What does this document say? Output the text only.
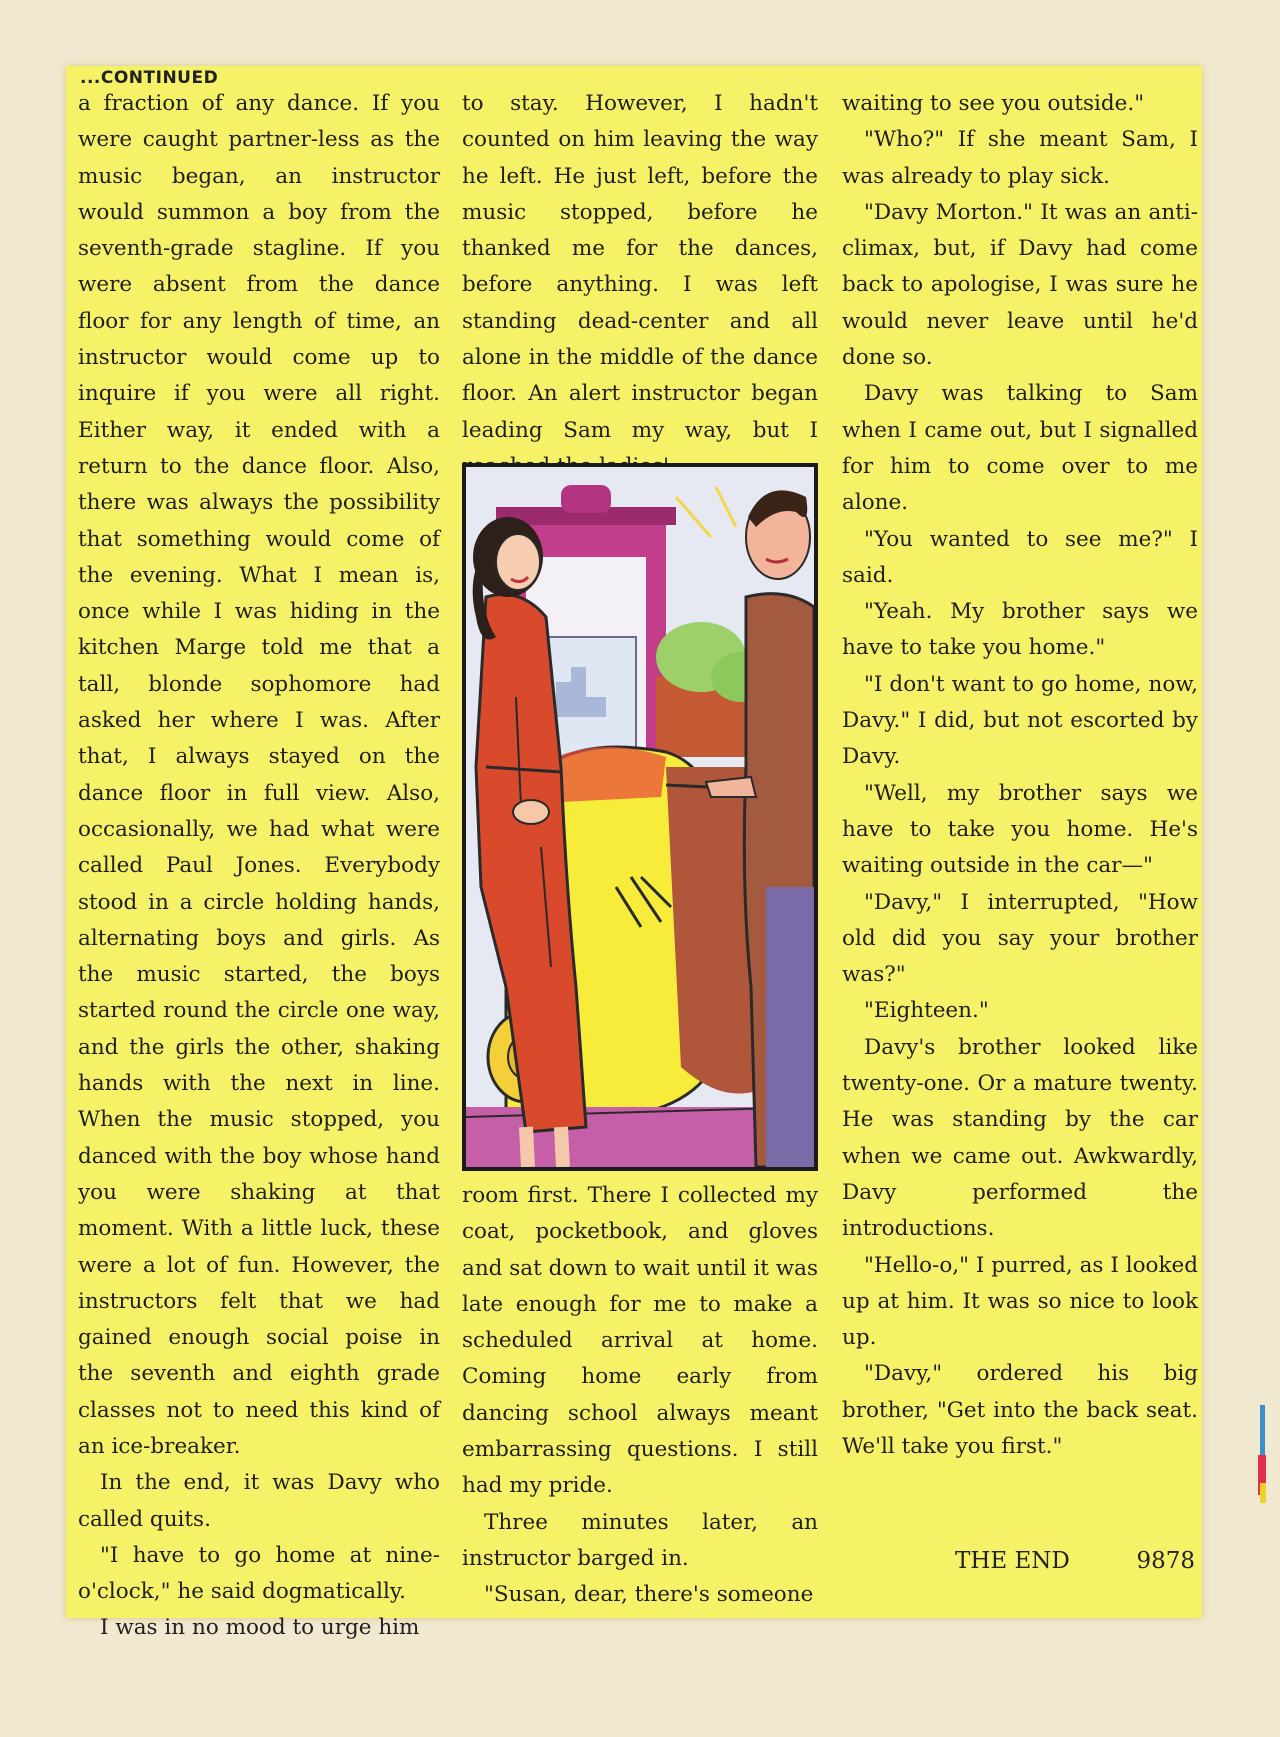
...CONTINUED

a fraction of any dance. If you were caught partner-less as the music began, an instructor would summon a boy from the seventh-grade stagline. If you were absent from the dance floor for any length of time, an instructor would come up to inquire if you were all right. Either way, it ended with a return to the dance floor. Also, there was always the possibility that something would come of the evening. What I mean is, once while I was hiding in the kitchen Marge told me that a tall, blonde sophomore had asked her where I was. After that, I always stayed on the dance floor in full view. Also, occasionally, we had what were called Paul Jones. Everybody stood in a circle holding hands, alternating boys and girls. As the music started, the boys started round the circle one way, and the girls the other, shaking hands with the next in line. When the music stopped, you danced with the boy whose hand you were shaking at that moment. With a little luck, these were a lot of fun. However, the instructors felt that we had gained enough social poise in the seventh and eighth grade classes not to need this kind of an ice-breaker.

In the end, it was Davy who called quits.

"I have to go home at nine-o'clock," he said dogmatically.

I was in no mood to urge him

to stay. However, I hadn't counted on him leaving the way he left. He just left, before the music stopped, before he thanked me for the dances, before anything. I was left standing dead-center and all alone in the middle of the dance floor. An alert instructor began leading Sam my way, but I

room first. There I collected my coat, pocketbook, and gloves and sat down to wait until it was late enough for me to make a scheduled arrival at home. Coming home early from dancing school always meant embarrassing questions. I still had my pride.

Three minutes later, an instructor barged in.

"Susan, dear, there's someone

waiting to see you outside."

"Who?" If she meant Sam, I was already to play sick.

"Davy Morton." It was an anti-climax, but, if Davy had come back to apologise, I was sure he would never leave until he'd done so.

Davy was talking to Sam when I came out, but I signalled for him to come over to me alone.

"You wanted to see me?" I said.

"Yeah. My brother says we have to take you home."

"I don't want to go home, now, Davy." I did, but not escorted by Davy.

"Well, my brother says we have to take you home. He's waiting outside in the car—"

"Davy," I interrupted, "How old did you say your brother was?"

"Eighteen."

Davy's brother looked like twenty-one. Or a mature twenty. He was standing by the car when we came out. Awkwardly, Davy performed the introductions.

"Hello-o," I purred, as I looked up at him. It was so nice to look up.

"Davy," ordered his big brother, "Get into the back seat. We'll take you first."

THE END	9878
